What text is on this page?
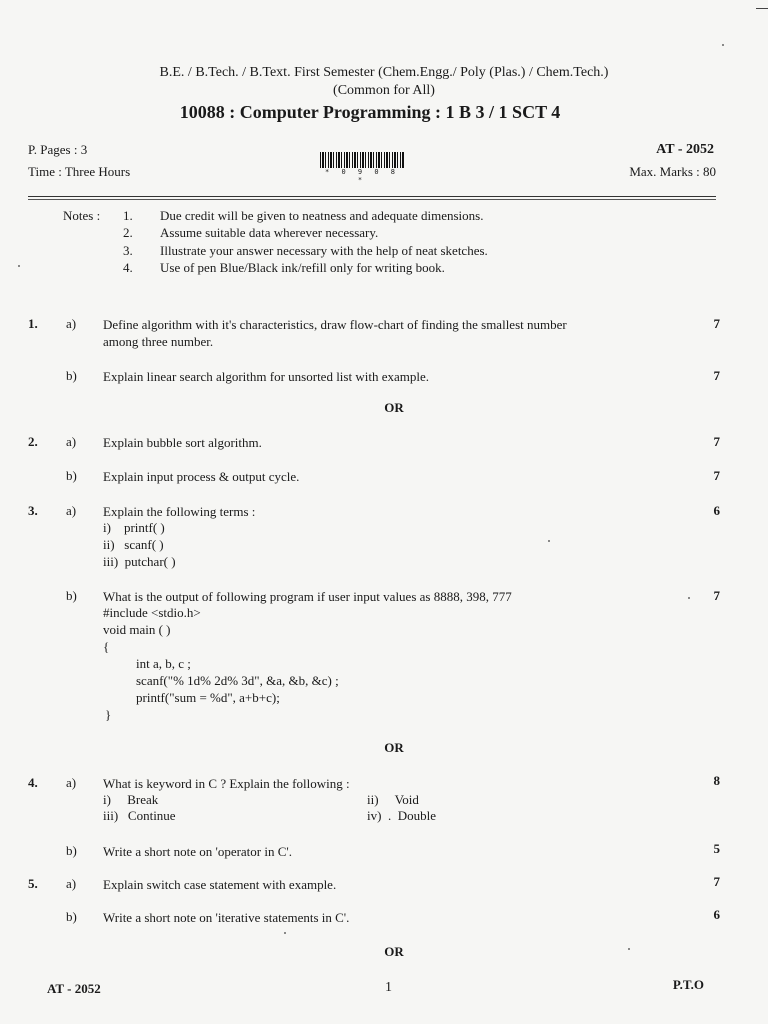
B.E. / B.Tech. / B.Text. First Semester (Chem.Engg./ Poly (Plas.) / Chem.Tech.)
(Common for All)
10088 : Computer Programming : 1 B 3 / 1 SCT 4
P. Pages : 3
Time : Three Hours	* 0 9 0 8 *
AT - 2052
Max. Marks : 80
Notes :	1.	Due credit will be given to neatness and adequate dimensions.
2.	Assume suitable data wherever necessary.
3.	Illustrate your answer necessary with the help of neat sketches.
4.	Use of pen Blue/Black ink/refill only for writing book.
1. a) Define algorithm with it's characteristics, draw flow-chart of finding the smallest number
among three number.
7
b) Explain linear search algorithm for unsorted list with example.	7
OR
2. a) Explain bubble sort algorithm.	7
b) Explain input process & output cycle.	7
3. a) Explain the following terms :
i)    printf( )
ii)   scanf( )
iii)  putchar( )
6
b) What is the output of following program if user input values as 8888, 398, 777	7
#include <stdio.h>
void main ( )
{
int a, b, c ;
scanf("% 1d% 2d% 3d", &a, &b, &c) ;
printf("sum = %d", a+b+c);
}
OR
4. a) What is keyword in C ? Explain the following :
i)     Break	ii)     Void
iii)   Continue	iv)  .  Double
8
b) Write a short note on 'operator in C'.	5
5. a) Explain switch case statement with example.	7
b) Write a short note on 'iterative statements in C'.	6
OR
AT - 2052	1	P.T.O
